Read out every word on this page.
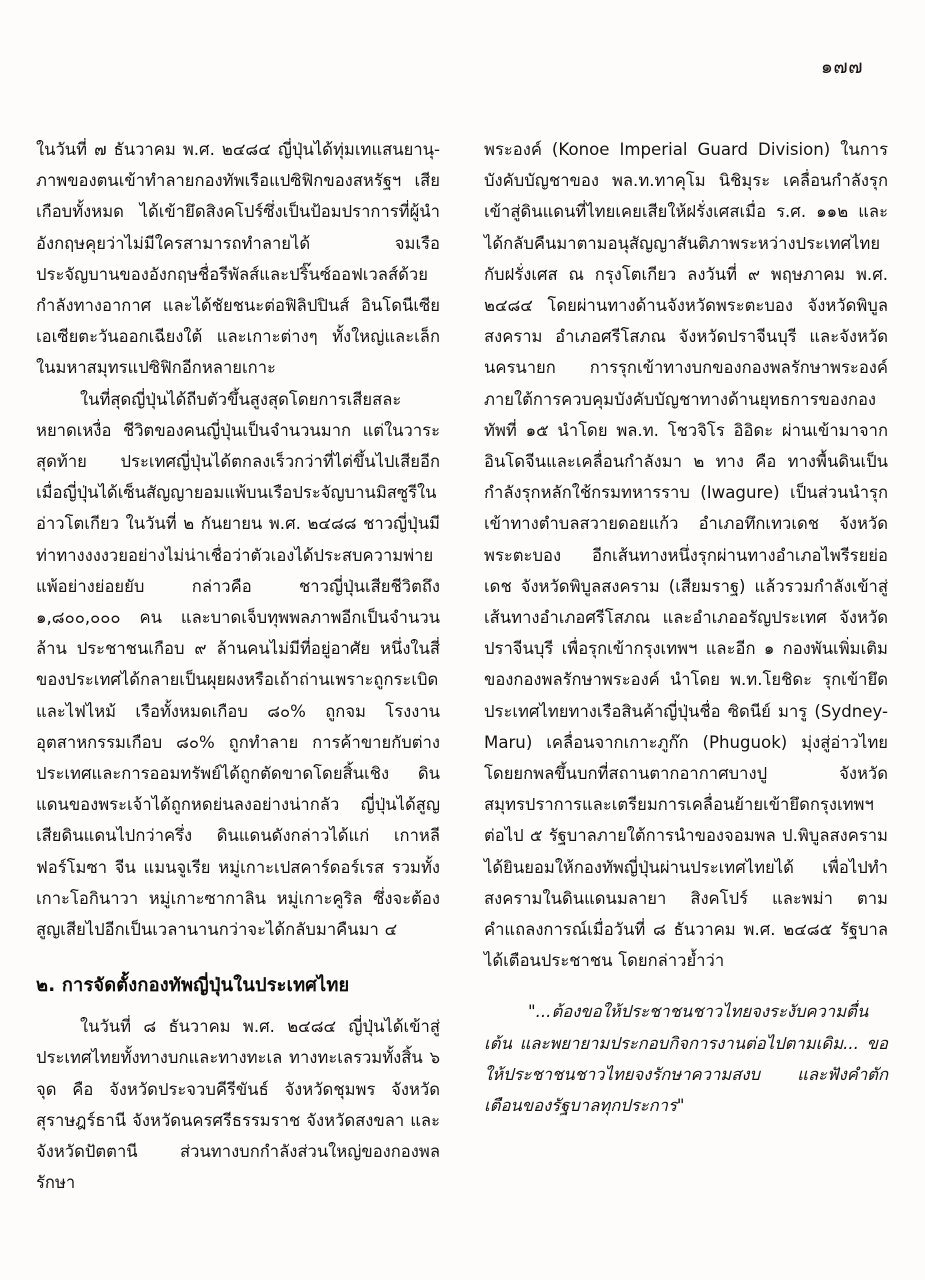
๑๗๗

ในวันที่ ๗ ธันวาคม พ.ศ. ๒๔๘๔ ญี่ปุ่นได้ทุ่มเทแสนยานุ-ภาพของตนเข้าทำลายกองทัพเรือแปซิฟิกของสหรัฐฯ เสียเกือบทั้งหมด ได้เข้ายึดสิงคโปร์ซึ่งเป็นป้อมปราการที่ผู้นำอังกฤษคุยว่าไม่มีใครสามารถทำลายได้ จมเรือประจัญบานของอังกฤษชื่อรีพัลส์และปริ๊นซ์ออฟเวลส์ด้วยกำลังทางอากาศ และได้ชัยชนะต่อฟิลิปปินส์ อินโดนีเซีย เอเซียตะวันออกเฉียงใต้ และเกาะต่างๆ ทั้งใหญ่และเล็กในมหาสมุทรแปซิฟิกอีกหลายเกาะ

ในที่สุดญี่ปุ่นได้ถีบตัวขึ้นสูงสุดโดยการเสียสละหยาดเหงื่อ ชีวิตของคนญี่ปุ่นเป็นจำนวนมาก แต่ในวาระสุดท้าย ประเทศญี่ปุ่นได้ตกลงเร็วกว่าที่ไต่ขึ้นไปเสียอีก เมื่อญี่ปุ่นได้เซ็นสัญญายอมแพ้บนเรือประจัญบานมิสซูรีในอ่าวโตเกียว ในวันที่ ๒ กันยายน พ.ศ. ๒๔๘๘ ชาวญี่ปุ่นมีท่าทางงงงวยอย่างไม่น่าเชื่อว่าตัวเองได้ประสบความพ่ายแพ้อย่างย่อยยับ กล่าวคือ ชาวญี่ปุ่นเสียชีวิตถึง ๑,๘๐๐,๐๐๐ คน และบาดเจ็บทุพพลภาพอีกเป็นจำนวนล้าน ประชาชนเกือบ ๙ ล้านคนไม่มีที่อยู่อาศัย หนึ่งในสี่ของประเทศได้กลายเป็นผุยผงหรือเถ้าถ่านเพราะถูกระเบิดและไฟไหม้ เรือทั้งหมดเกือบ ๘๐% ถูกจม โรงงานอุตสาหกรรมเกือบ ๘๐% ถูกทำลาย การค้าขายกับต่างประเทศและการออมทรัพย์ได้ถูกตัดขาดโดยสิ้นเชิง ดินแดนของพระเจ้าได้ถูกหดย่นลงอย่างน่ากลัว ญี่ปุ่นได้สูญเสียดินแดนไปกว่าครึ่ง ดินแดนดังกล่าวได้แก่ เกาหลี ฟอร์โมซา จีน แมนจูเรีย หมู่เกาะเปสคาร์ดอร์เรส รวมทั้งเกาะโอกินาวา หมู่เกาะซากาลิน หมู่เกาะคูริล ซึ่งจะต้องสูญเสียไปอีกเป็นเวลานานกว่าจะได้กลับมาคืนมา ๔

๒. การจัดตั้งกองทัพญี่ปุ่นในประเทศไทย

ในวันที่ ๘ ธันวาคม พ.ศ. ๒๔๘๔ ญี่ปุ่นได้เข้าสู่ประเทศไทยทั้งทางบกและทางทะเล ทางทะเลรวมทั้งสิ้น ๖ จุด คือ จังหวัดประจวบคีรีขันธ์ จังหวัดชุมพร จังหวัดสุราษฎร์ธานี จังหวัดนครศรีธรรมราช จังหวัดสงขลา และจังหวัดปัตตานี ส่วนทางบกกำลังส่วนใหญ่ของกองพลรักษา

พระองค์ (Konoe Imperial Guard Division) ในการบังคับบัญชาของ พล.ท.ทาคุโม นิชิมุระ เคลื่อนกำลังรุกเข้าสู่ดินแดนที่ไทยเคยเสียให้ฝรั่งเศสเมื่อ ร.ศ. ๑๑๒ และได้กลับคืนมาตามอนุสัญญาสันติภาพระหว่างประเทศไทยกับฝรั่งเศส ณ กรุงโตเกียว ลงวันที่ ๙ พฤษภาคม พ.ศ. ๒๔๘๔ โดยผ่านทางด้านจังหวัดพระตะบอง จังหวัดพิบูลสงคราม อำเภอศรีโสภณ จังหวัดปราจีนบุรี และจังหวัดนครนายก การรุกเข้าทางบกของกองพลรักษาพระองค์ภายใต้การควบคุมบังคับบัญชาทางด้านยุทธการของกองทัพที่ ๑๕ นำโดย พล.ท. โชวจิโร อิอิดะ ผ่านเข้ามาจากอินโดจีนและเคลื่อนกำลังมา ๒ ทาง คือ ทางพื้นดินเป็นกำลังรุกหลักใช้กรมทหารราบ (Iwagure) เป็นส่วนนำรุกเข้าทางตำบลสวายดอยแก้ว อำเภอทึกเทวเดช จังหวัดพระตะบอง อีกเส้นทางหนึ่งรุกผ่านทางอำเภอไพรีรยย่อเดช จังหวัดพิบูลสงคราม (เสียมราฐ) แล้วรวมกำลังเข้าสู่เส้นทางอำเภอศรีโสภณ และอำเภออรัญประเทศ จังหวัดปราจีนบุรี เพื่อรุกเข้ากรุงเทพฯ และอีก ๑ กองพันเพิ่มเติมของกองพลรักษาพระองค์ นำโดย พ.ท.โยชิดะ รุกเข้ายึดประเทศไทยทางเรือสินค้าญี่ปุ่นชื่อ ซิดนีย์ มารู (Sydney-Maru) เคลื่อนจากเกาะภูก๊ก (Phuguok) มุ่งสู่อ่าวไทย โดยยกพลขึ้นบกที่สถานตากอากาศบางปู จังหวัดสมุทรปราการและเตรียมการเคลื่อนย้ายเข้ายึดกรุงเทพฯ ต่อไป ๕ รัฐบาลภายใต้การนำของจอมพล ป.พิบูลสงคราม ได้ยินยอมให้กองทัพญี่ปุ่นผ่านประเทศไทยได้ เพื่อไปทำสงครามในดินแดนมลายา สิงคโปร์ และพม่า ตามคำแถลงการณ์เมื่อวันที่ ๘ ธันวาคม พ.ศ. ๒๔๘๕ รัฐบาลได้เตือนประชาชน โดยกล่าวย้ำว่า

"...ต้องขอให้ประชาชนชาวไทยจงระงับความตื่นเต้น และพยายามประกอบกิจการงานต่อไปตามเดิม... ขอให้ประชาชนชาวไทยจงรักษาความสงบ และฟังคำตักเตือนของรัฐบาลทุกประการ"
